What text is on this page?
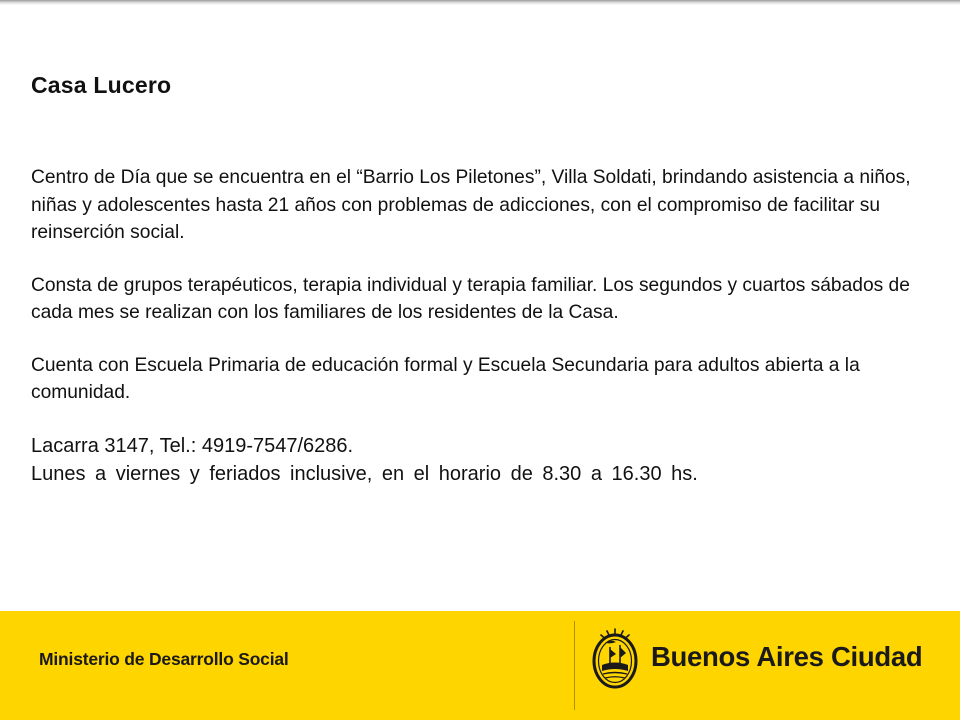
Casa Lucero

Centro de Día que se encuentra en el “Barrio Los Piletones”, Villa Soldati, brindando asistencia a niños, niñas y adolescentes hasta 21 años con problemas de adicciones, con el compromiso de facilitar su reinserción social.

Consta de grupos terapéuticos, terapia individual y terapia familiar. Los segundos y cuartos sábados de cada mes se realizan con los familiares de los residentes de la Casa.

Cuenta con Escuela Primaria de educación formal y Escuela Secundaria para adultos abierta a la comunidad.

Lacarra 3147, Tel.: 4919-7547/6286.
Lunes a viernes y feriados inclusive, en el horario de 8.30 a 16.30 hs.

Ministerio de Desarrollo Social	Buenos Aires Ciudad
